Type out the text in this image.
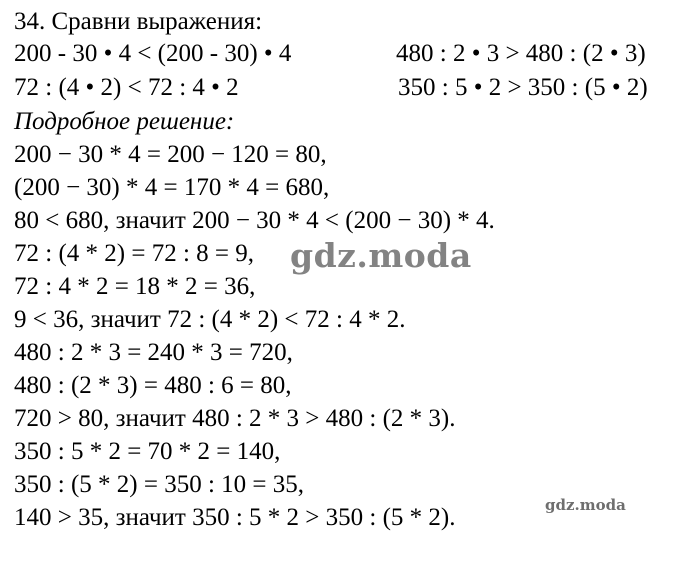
34. Сравни выражения:
200 - 30 • 4 < (200 - 30) • 4	480 : 2 • 3 > 480 : (2 • 3)
72 : (4 • 2) < 72 : 4 • 2	350 : 5 • 2 > 350 : (5 • 2)
Подробное решение:
200 − 30 * 4 = 200 − 120 = 80,
(200 − 30) * 4 = 170 * 4 = 680,
80 < 680, значит 200 − 30 * 4 < (200 − 30) * 4.
72 : (4 * 2) = 72 : 8 = 9,
72 : 4 * 2 = 18 * 2 = 36,
9 < 36, значит 72 : (4 * 2) < 72 : 4 * 2.
480 : 2 * 3 = 240 * 3 = 720,
480 : (2 * 3) = 480 : 6 = 80,
720 > 80, значит 480 : 2 * 3 > 480 : (2 * 3).
350 : 5 * 2 = 70 * 2 = 140,
350 : (5 * 2) = 350 : 10 = 35,
140 > 35, значит 350 : 5 * 2 > 350 : (5 * 2).
gdz.moda
gdz.moda
